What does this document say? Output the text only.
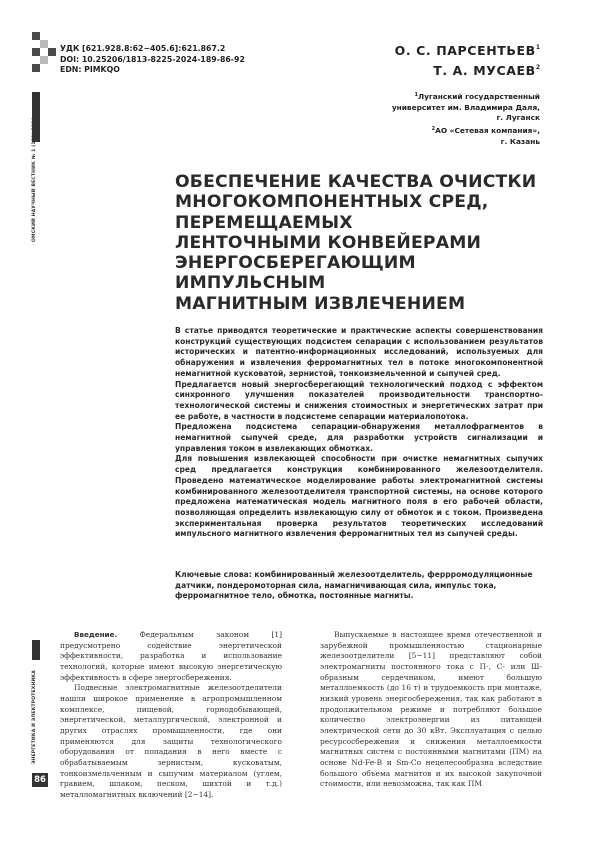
ОМСКИЙ НАУЧНЫЙ ВЕСТНИК № 1 (189) 2024
ЭНЕРГЕТИКА И ЭЛЕКТРОТЕХНИКА
86
УДК [621.928.8:62−405.6]:621.867.2
DOI: 10.25206/1813-8225-2024-189-86-92
EDN: PIMKQO
О. С. ПАРСЕНТЬЕВ$^1$
Т. А. МУСАЕВ$^2$
$^1$Луганский государственный
университет им. Владимира Даля,
г. Луганск
$^2$АО «Сетевая компания»,
г. Казань
ОБЕСПЕЧЕНИЕ КАЧЕСТВА ОЧИСТКИ
МНОГОКОМПОНЕНТНЫХ СРЕД,
ПЕРЕМЕЩАЕМЫХ
ЛЕНТОЧНЫМИ КОНВЕЙЕРАМИ
ЭНЕРГОСБЕРЕГАЮЩИМ
ИМПУЛЬСНЫМ
МАГНИТНЫМ ИЗВЛЕЧЕНИЕМ

В статье приводятся теоретические и практические аспекты совершенствования конструкций существующих подсистем сепарации с использованием результатов исторических и патентно-информационных исследований, используемых для обнаружения и извлечения ферромагнитных тел в потоке многокомпонентной немагнитной кусковатой, зернистой, тонкоизмельченной и сыпучей сред.

Предлагается новый энергосберегающий технологический подход с эффектом синхронного улучшения показателей производительности транспортно-технологической системы и снижения стоимостных и энергетических затрат при ее работе, в частности в подсистеме сепарации материалопотока.

Предложена подсистема сепарации-обнаружения металлофрагментов в немагнитной сыпучей среде, для разработки устройств сигнализации и управления током в извлекающих обмотках.

Для повышения извлекающей способности при очистке немагнитных сыпучих сред предлагается конструкция комбинированного железоотделителя. Проведено математическое моделирование работы электромагнитной системы комбинированного железоотделителя транспортной системы, на основе которого предложена математическая модель магнитного поля в его рабочей области, позволяющая определить извлекающую силу от обмоток и с током. Произведена экспериментальная проверка результатов теоретических исследований импульсного магнитного извлечения ферромагнитных тел из сыпучей среды.

Ключевые слова: комбинированный железоотделитель, феррромодуляционные датчики, пондеромоторная сила, намагничивающая сила, импульс тока, ферромагнитное тело, обмотка, постоянные магниты.

Введение. Федеральным законом [1] предусмотрено содействие энергетической эффективности, разработка и использование технологий, которые имеют высокую энергетическую эффективность в сфере энергосбережения.

Подвесные электромагнитные железоотделители нашли широкое применение в агропромышленном комплексе, пищевой, горнодобывающей, энергетической, металлургической, электронной и других отраслях промышленности, где они применяются для защиты технологического оборудования от попадания в него вместе с обрабатываемым зернистым, кусковатым, тонкоизмельченным и сыпучим материалом (углем, гравием, шлаком, песком, шихтой и т.д.) металломагнитных включений [2−14].

Выпускаемые в настоящее время отечественной и зарубежной промышленностью стационарные железоотделители [5−11] представляют собой электромагниты постоянного тока с П-, С- или Ш-образным сердечником, имеют большую металлоемкость (до 16 т) и трудоемкость при монтаже, низкий уровень энергосбережения, так как работают в продолжительном режиме и потребляют большое количество электроэнергии из питающей электрической сети до 30 кВт. Эксплуатация с целью ресурсосбережения и снижения металлоемкости магнитных систем с постоянными магнитами (ПМ) на основе Nd-Fe-B и Sm-Co нецелесообразна вследствие большого объема магнитов и их высокой закупочной стоимости, или невозможна, так как ПМ
